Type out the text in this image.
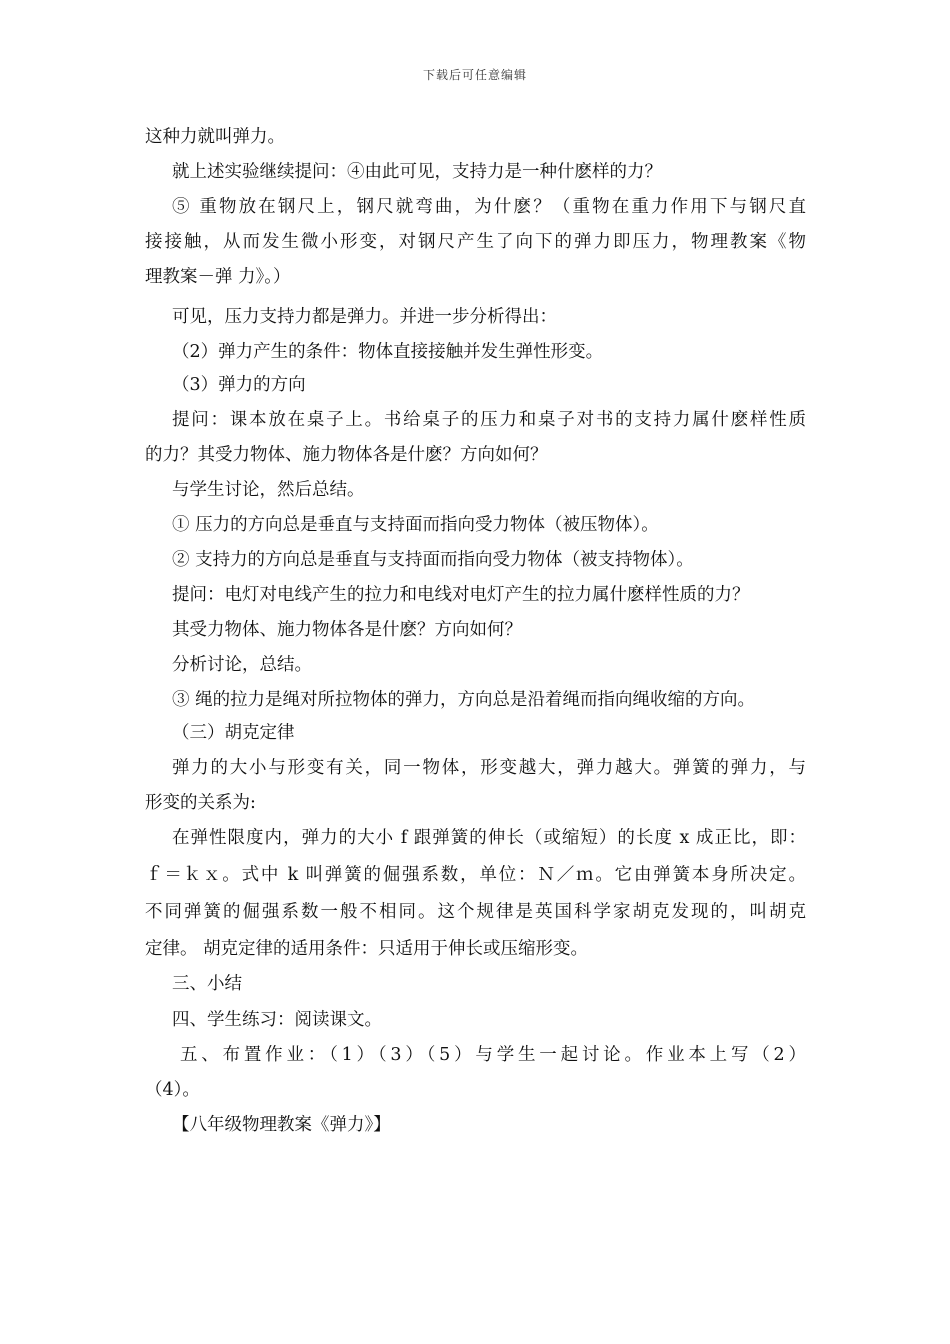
下载后可任意编辑
这种力就叫弹力。
就上述实验继续提问：④由此可见，支持力是一种什麽样的力？
⑤ 重物放在钢尺上，钢尺就弯曲，为什麽？（重物在重力作用下与钢尺直
接接触，从而发生微小形变，对钢尺产生了向下的弹力即压力，物理教案《物
理教案－弹 力》。）
可见，压力支持力都是弹力。并进一步分析得出：
（2）弹力产生的条件：物体直接接触并发生弹性形变。
（3）弹力的方向
提问：课本放在桌子上。书给桌子的压力和桌子对书的支持力属什麽样性质
的力？其受力物体、施力物体各是什麽？方向如何？
与学生讨论，然后总结。
① 压力的方向总是垂直与支持面而指向受力物体（被压物体）。
② 支持力的方向总是垂直与支持面而指向受力物体（被支持物体）。
提问：电灯对电线产生的拉力和电线对电灯产生的拉力属什麽样性质的力？
其受力物体、施力物体各是什麽？方向如何？
分析讨论，总结。
③ 绳的拉力是绳对所拉物体的弹力，方向总是沿着绳而指向绳收缩的方向。
（三）胡克定律
弹力的大小与形变有关，同一物体，形变越大，弹力越大。弹簧的弹力，与
形变的关系为:
在弹性限度内，弹力的大小 f 跟弹簧的伸长（或缩短）的长度 x 成正比，即：
ｆ＝ｋｘ。式中 k 叫弹簧的倔强系数，单位：Ｎ／ｍ。它由弹簧本身所决定。
不同弹簧的倔强系数一般不相同。这个规律是英国科学家胡克发现的，叫胡克
定律。 胡克定律的适用条件：只适用于伸长或压缩形变。
三、小结
四、学生练习：阅读课文。
五、布置作业：（1）（3）（5）与学生一起讨论。作业本上写（2）
（4）。
【八年级物理教案《弹力》】
